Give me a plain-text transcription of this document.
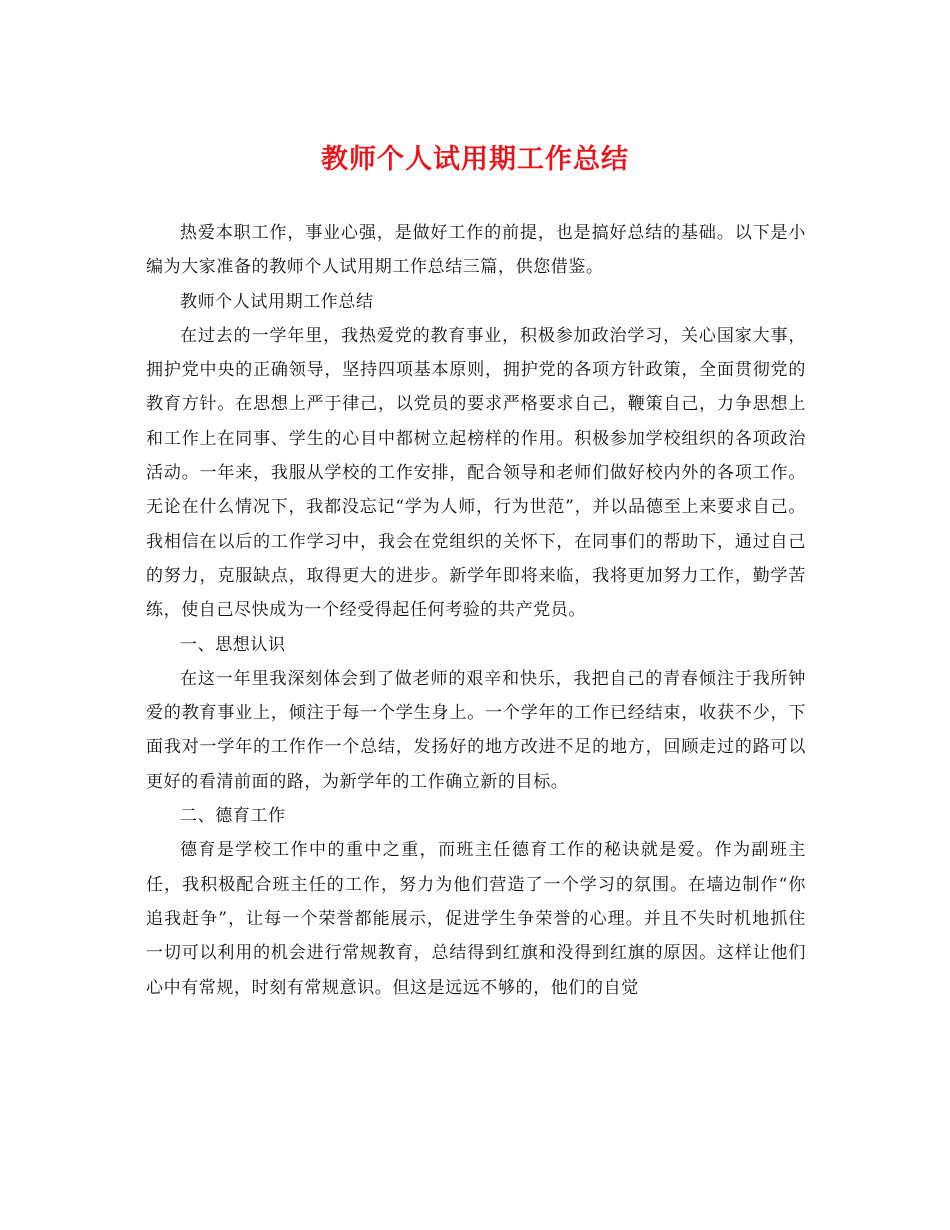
教师个人试用期工作总结

热爱本职工作，事业心强，是做好工作的前提，也是搞好总结的基础。以下是小编为大家准备的教师个人试用期工作总结三篇，供您借鉴。

教师个人试用期工作总结

在过去的一学年里，我热爱党的教育事业，积极参加政治学习，关心国家大事，拥护党中央的正确领导，坚持四项基本原则，拥护党的各项方针政策，全面贯彻党的教育方针。在思想上严于律己，以党员的要求严格要求自己，鞭策自己，力争思想上和工作上在同事、学生的心目中都树立起榜样的作用。积极参加学校组织的各项政治活动。一年来，我服从学校的工作安排，配合领导和老师们做好校内外的各项工作。无论在什么情况下，我都没忘记“学为人师，行为世范”，并以品德至上来要求自己。我相信在以后的工作学习中，我会在党组织的关怀下，在同事们的帮助下，通过自己的努力，克服缺点，取得更大的进步。新学年即将来临，我将更加努力工作，勤学苦练，使自己尽快成为一个经受得起任何考验的共产党员。

一、思想认识

在这一年里我深刻体会到了做老师的艰辛和快乐，我把自己的青春倾注于我所钟爱的教育事业上，倾注于每一个学生身上。一个学年的工作已经结束，收获不少，下面我对一学年的工作作一个总结，发扬好的地方改进不足的地方，回顾走过的路可以更好的看清前面的路，为新学年的工作确立新的目标。

二、德育工作

德育是学校工作中的重中之重，而班主任德育工作的秘诀就是爱。作为副班主任，我积极配合班主任的工作，努力为他们营造了一个学习的氛围。在墙边制作“你追我赶争”，让每一个荣誉都能展示，促进学生争荣誉的心理。并且不失时机地抓住一切可以利用的机会进行常规教育，总结得到红旗和没得到红旗的原因。这样让他们心中有常规，时刻有常规意识。但这是远远不够的，他们的自觉
